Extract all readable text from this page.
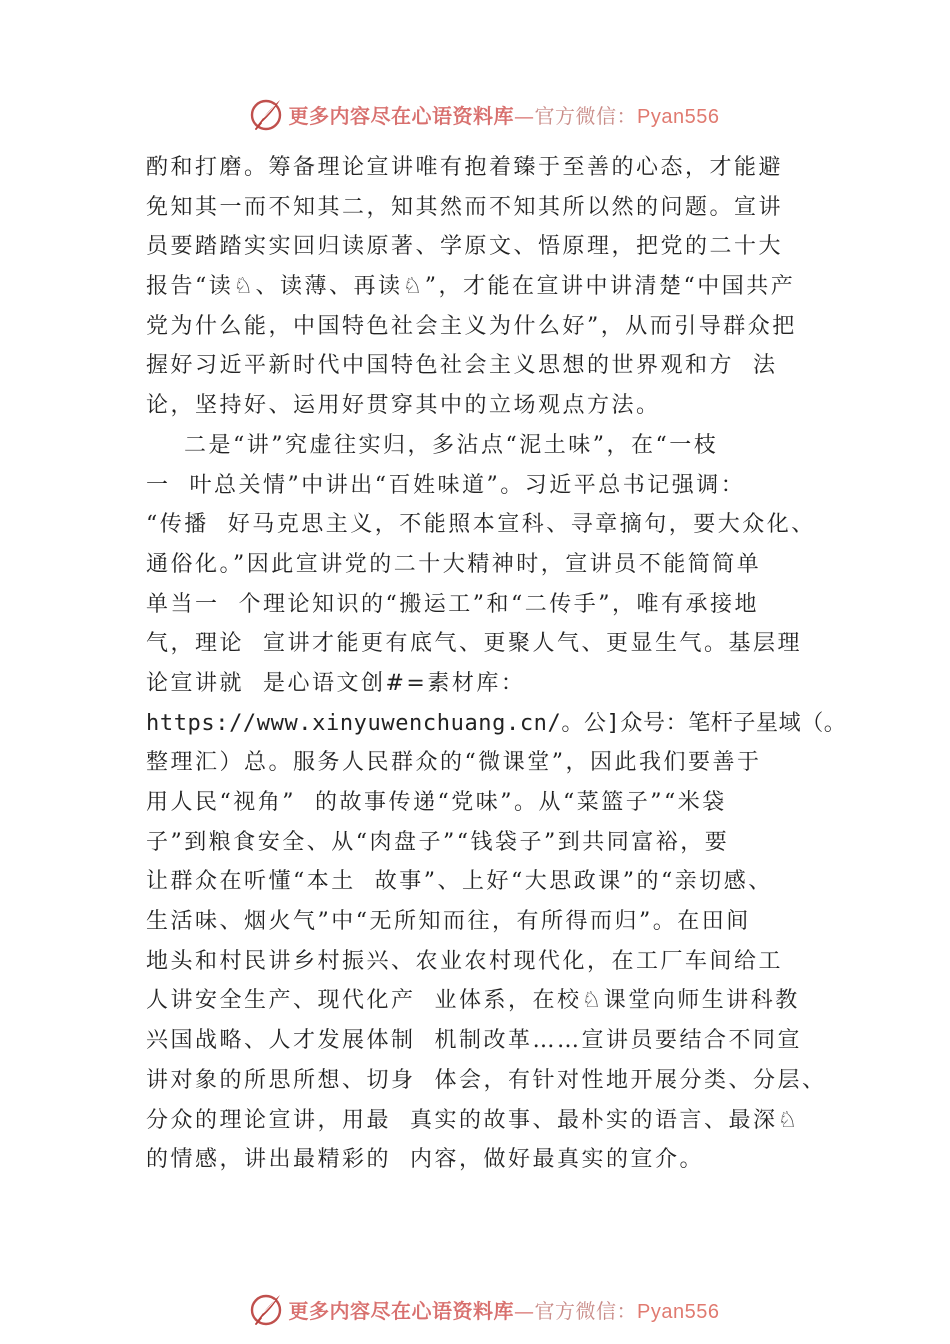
更多内容尽在心语资料库—官方微信：Pyan556
酌和打磨。筹备理论宣讲唯有抱着臻于至善的心态，才能避
免知其一而不知其二，知其然而不知其所以然的问题。宣讲
员要踏踏实实回归读原著、学原文、悟原理，把党的二十大
报告“读♘、读薄、再读♘”，才能在宣讲中讲清楚“中国共产
党为什么能，中国特色社会主义为什么好”，从而引导群众把
握好习近平新时代中国特色社会主义思想的世界观和方  法
论，坚持好、运用好贯穿其中的立场观点方法。
二是“讲”究虚往实归，多沾点“泥土味”，在“一枝
一  叶总关情”中讲出“百姓味道”。习近平总书记强调：
“传播  好马克思主义，不能照本宣科、寻章摘句，要大众化、
通俗化。”因此宣讲党的二十大精神时，宣讲员不能简简单
单当一  个理论知识的“搬运工”和“二传手”，唯有承接地
气，理论  宣讲才能更有底气、更聚人气、更显生气。基层理
论宣讲就  是心语文创#=素材库：
https://www.xinyuwenchuang.cn/。公]众号：笔杆子星域（。
整理汇）总。服务人民群众的“微课堂”，因此我们要善于
用人民“视角”  的故事传递“党味”。从“菜篮子”“米袋
子”到粮食安全、从“肉盘子”“钱袋子”到共同富裕，要
让群众在听懂“本土  故事”、上好“大思政课”的“亲切感、
生活味、烟火气”中“无所知而往，有所得而归”。在田间
地头和村民讲乡村振兴、农业农村现代化，在工厂车间给工
人讲安全生产、现代化产  业体系，在校♘课堂向师生讲科教
兴国战略、人才发展体制  机制改革……宣讲员要结合不同宣
讲对象的所思所想、切身  体会，有针对性地开展分类、分层、
分众的理论宣讲，用最  真实的故事、最朴实的语言、最深♘
的情感，讲出最精彩的  内容，做好最真实的宣介。
更多内容尽在心语资料库—官方微信：Pyan556
